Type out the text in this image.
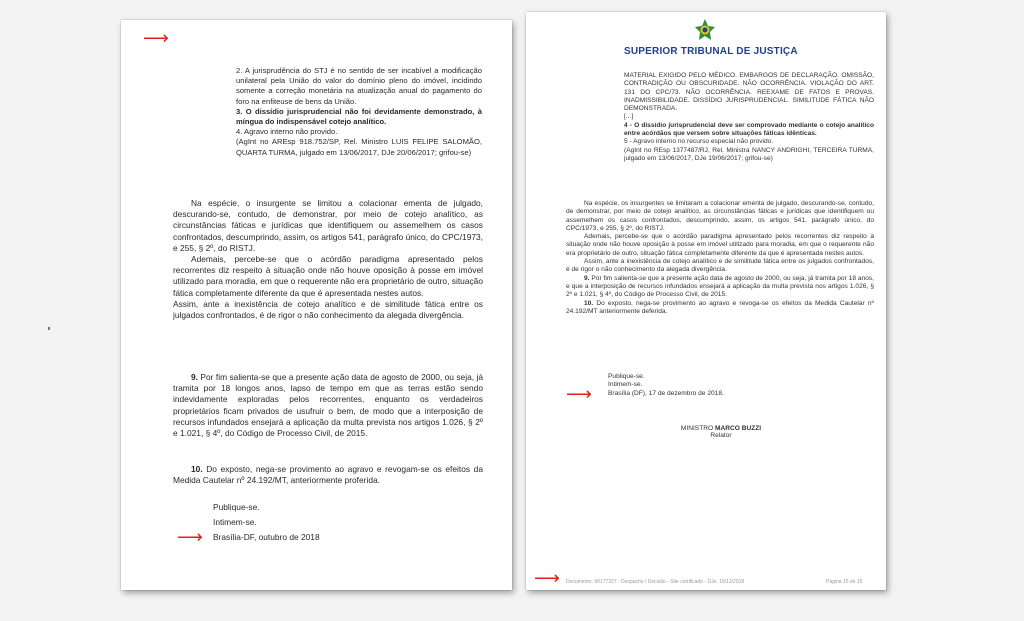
⟶

2. A jurisprudência do STJ é no sentido de ser incabível a modificação unilateral pela União do valor do domínio pleno do imóvel, incidindo somente a correção monetária na atualização anual do pagamento do foro na enfiteuse de bens da União.

3. O dissídio jurisprudencial não foi devidamente demonstrado, à míngua do indispensável cotejo analítico.

4. Agravo interno não provido.

(AgInt no AREsp 918.752/SP, Rel. Ministro LUIS FELIPE SALOMÃO, QUARTA TURMA, julgado em 13/06/2017, DJe 20/06/2017; grifou-se)

Na espécie, o insurgente se limitou a colacionar ementa de julgado, descurando-se, contudo, de demonstrar, por meio de cotejo analítico, as circunstâncias fáticas e jurídicas que identifiquem ou assemelhem os casos confrontados, descumprindo, assim, os artigos 541, parágrafo único, do CPC/1973, e 255, § 2º, do RISTJ.

Ademais, percebe-se que o acórdão paradigma apresentado pelos recorrentes diz respeito à situação onde não houve oposição à posse em imóvel utilizado para moradia, em que o requerente não era proprietário de outro, situação fática completamente diferente da que é apresentada nestes autos.

Assim, ante a inexistência de cotejo analítico e de similitude fática entre os julgados confrontados, é de rigor o não conhecimento da alegada divergência.

9. Por fim salienta-se que a presente ação data de agosto de 2000, ou seja, já tramita por 18 longos anos, lapso de tempo em que as terras estão sendo indevidamente exploradas pelos recorrentes, enquanto os verdadeiros proprietários ficam privados de usufruir o bem, de modo que a interposição de recursos infundados ensejará a aplicação da multa prevista nos artigos 1.026, § 2º e 1.021, § 4º, do Código de Processo Civil, de 2015.

10. Do exposto, nega-se provimento ao agravo e revogam-se os efeitos da Medida Cautelar nº 24.192/MT, anteriormente proferida.

Publique-se.

Intimem-se.

Brasília-DF, outubro de 2018

⟶
SUPERIOR TRIBUNAL DE JUSTIÇA

MATERIAL EXIGIDO PELO MÉDICO. EMBARGOS DE DECLARAÇÃO. OMISSÃO, CONTRADIÇÃO OU OBSCURIDADE. NÃO OCORRÊNCIA. VIOLAÇÃO DO ART. 131 DO CPC/73. NÃO OCORRÊNCIA. REEXAME DE FATOS E PROVAS. INADMISSIBILIDADE. DISSÍDIO JURISPRUDENCIAL. SIMILITUDE FÁTICA NÃO DEMONSTRADA.

[...]

4 - O dissídio jurisprudencial deve ser comprovado mediante o cotejo analítico entre acórdãos que versem sobre situações fáticas idênticas.

5 - Agravo interno no recurso especial não provido.

(AgInt no REsp 1377487/RJ, Rel. Ministra NANCY ANDRIGHI, TERCEIRA TURMA, julgado em 13/06/2017, DJe 19/06/2017; grifou-se)

Na espécie, os insurgentes se limitaram a colacionar ementa de julgado, descurando-se, contudo, de demonstrar, por meio de cotejo analítico, as circunstâncias fáticas e jurídicas que identifiquem ou assemelhem os casos confrontados, descumprindo, assim, os artigos 541, parágrafo único, do CPC/1973, e 255, § 2º, do RISTJ.

Ademais, percebe-se que o acórdão paradigma apresentado pelos recorrentes diz respeito à situação onde não houve oposição à posse em imóvel utilizado para moradia, em que o requerente não era proprietário de outro, situação fática completamente diferente da que é apresentada nestes autos.

Assim, ante a inexistência de cotejo analítico e de similitude fática entre os julgados confrontados, é de rigor o não conhecimento da alegada divergência.

9. Por fim salienta-se que a presente ação data de agosto de 2000, ou seja, já tramita por 18 anos, e que a interposição de recursos infundados ensejará a aplicação da multa prevista nos artigos 1.026, § 2º e 1.021, § 4º, do Código de Processo Civil, de 2015.

10. Do exposto, nega-se provimento ao agravo e revoga-se os efeitos da Medida Cautelar nº 24.192/MT anteriormente deferida.

Publique-se.

Intimem-se.

Brasília (DF), 17 de dezembro de 2018.

⟶
MINISTRO MARCO BUZZI
Relator
⟶ Documento: 90177327 - Despacho / Decisão - Site certificado - DJe: 19/12/2018	Página 15 de 15
